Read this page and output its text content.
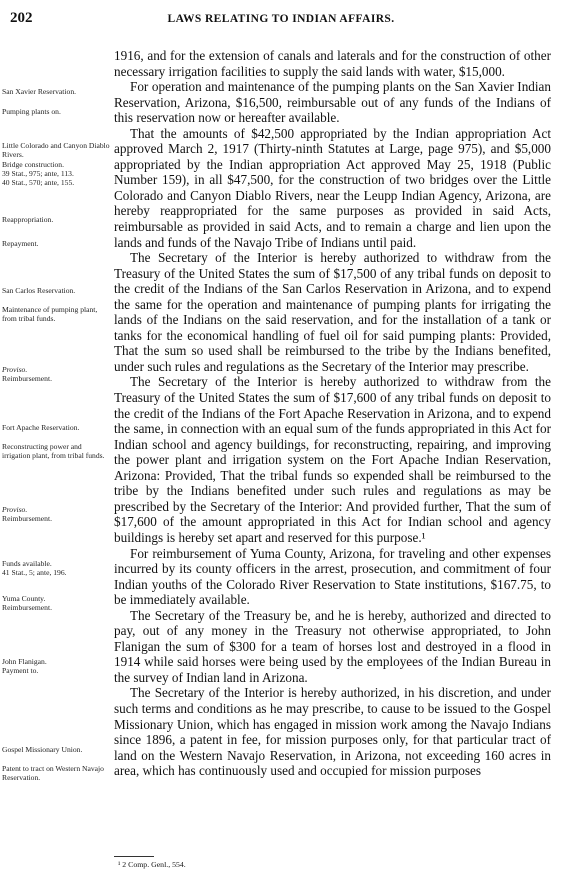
202	LAWS RELATING TO INDIAN AFFAIRS.
San Xavier Reservation.
Pumping plants on.
Little Colorado and Canyon Diablo Rivers.
Bridge construction.
39 Stat., 975; ante, 113.
40 Stat., 570; ante, 155.
Reappropriation.
Repayment.
San Carlos Reservation.
Maintenance of pumping plant, from tribal funds.
Proviso.
Reimbursement.
Fort Apache Reservation.
Reconstructing power and irrigation plant, from tribal funds.
Proviso.
Reimbursement.
Funds available.
41 Stat., 5; ante, 196.
Yuma County.
Reimbursement.
John Flanigan.
Payment to.
Gospel Missionary Union.
Patent to tract on Western Navajo Reservation.

1916, and for the extension of canals and laterals and for the construction of other necessary irrigation facilities to supply the said lands with water, $15,000.

For operation and maintenance of the pumping plants on the San Xavier Indian Reservation, Arizona, $16,500, reimbursable out of any funds of the Indians of this reservation now or hereafter available.

That the amounts of $42,500 appropriated by the Indian appropriation Act approved March 2, 1917 (Thirty-ninth Statutes at Large, page 975), and $5,000 appropriated by the Indian appropriation Act approved May 25, 1918 (Public Number 159), in all $47,500, for the construction of two bridges over the Little Colorado and Canyon Diablo Rivers, near the Leupp Indian Agency, Arizona, are hereby reappropriated for the same purposes as provided in said Acts, reimbursable as provided in said Acts, and to remain a charge and lien upon the lands and funds of the Navajo Tribe of Indians until paid.

The Secretary of the Interior is hereby authorized to withdraw from the Treasury of the United States the sum of $17,500 of any tribal funds on deposit to the credit of the Indians of the San Carlos Reservation in Arizona, and to expend the same for the operation and maintenance of pumping plants for irrigating the lands of the Indians on the said reservation, and for the installation of a tank or tanks for the economical handling of fuel oil for said pumping plants: Provided, That the sum so used shall be reimbursed to the tribe by the Indians benefited, under such rules and regulations as the Secretary of the Interior may prescribe.

The Secretary of the Interior is hereby authorized to withdraw from the Treasury of the United States the sum of $17,600 of any tribal funds on deposit to the credit of the Indians of the Fort Apache Reservation in Arizona, and to expend the same, in connection with an equal sum of the funds appropriated in this Act for Indian school and agency buildings, for reconstructing, repairing, and improving the power plant and irrigation system on the Fort Apache Indian Reservation, Arizona: Provided, That the tribal funds so expended shall be reimbursed to the tribe by the Indians benefited under such rules and regulations as may be prescribed by the Secretary of the Interior: And provided further, That the sum of $17,600 of the amount appropriated in this Act for Indian school and agency buildings is hereby set apart and reserved for this purpose.¹

For reimbursement of Yuma County, Arizona, for traveling and other expenses incurred by its county officers in the arrest, prosecution, and commitment of four Indian youths of the Colorado River Reservation to State institutions, $167.75, to be immediately available.

The Secretary of the Treasury be, and he is hereby, authorized and directed to pay, out of any money in the Treasury not otherwise appropriated, to John Flanigan the sum of $300 for a team of horses lost and destroyed in a flood in 1914 while said horses were being used by the employees of the Indian Bureau in the survey of Indian land in Arizona.

The Secretary of the Interior is hereby authorized, in his discretion, and under such terms and conditions as he may prescribe, to cause to be issued to the Gospel Missionary Union, which has engaged in mission work among the Navajo Indians since 1896, a patent in fee, for mission purposes only, for that particular tract of land on the Western Navajo Reservation, in Arizona, not exceeding 160 acres in area, which has continuously used and occupied for mission purposes

¹ 2 Comp. Genl., 554.
